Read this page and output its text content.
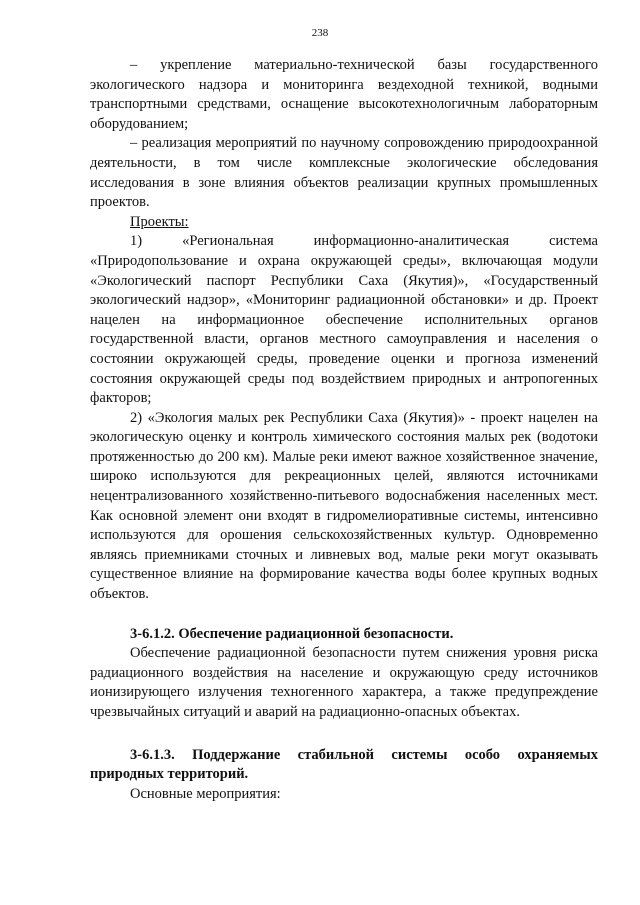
238

– укрепление материально-технической базы государственного экологического надзора и мониторинга вездеходной техникой, водными транспортными средствами, оснащение высокотехнологичным лабораторным оборудованием;

– реализация мероприятий по научному сопровождению природоохранной деятельности, в том числе комплексные экологические обследования исследования в зоне влияния объектов реализации крупных промышленных проектов.

Проекты:

1) «Региональная информационно-аналитическая система «Природопользование и охрана окружающей среды», включающая модули «Экологический паспорт Республики Саха (Якутия)», «Государственный экологический надзор», «Мониторинг радиационной обстановки» и др. Проект нацелен на информационное обеспечение исполнительных органов государственной власти, органов местного самоуправления и населения о состоянии окружающей среды, проведение оценки и прогноза изменений состояния окружающей среды под воздействием природных и антропогенных факторов;

2) «Экология малых рек Республики Саха (Якутия)» - проект нацелен на экологическую оценку и контроль химического состояния малых рек (водотоки протяженностью до 200 км). Малые реки имеют важное хозяйственное значение, широко используются для рекреационных целей, являются источниками нецентрализованного хозяйственно-питьевого водоснабжения населенных мест. Как основной элемент они входят в гидромелиоративные системы, интенсивно используются для орошения сельскохозяйственных культур. Одновременно являясь приемниками сточных и ливневых вод, малые реки могут оказывать существенное влияние на формирование качества воды более крупных водных объектов.

3-6.1.2. Обеспечение радиационной безопасности.

Обеспечение радиационной безопасности путем снижения уровня риска радиационного воздействия на население и окружающую среду источников ионизирующего излучения техногенного характера, а также предупреждение чрезвычайных ситуаций и аварий на радиационно-опасных объектах.

3-6.1.3. Поддержание стабильной системы особо охраняемых природных территорий.

Основные мероприятия:
